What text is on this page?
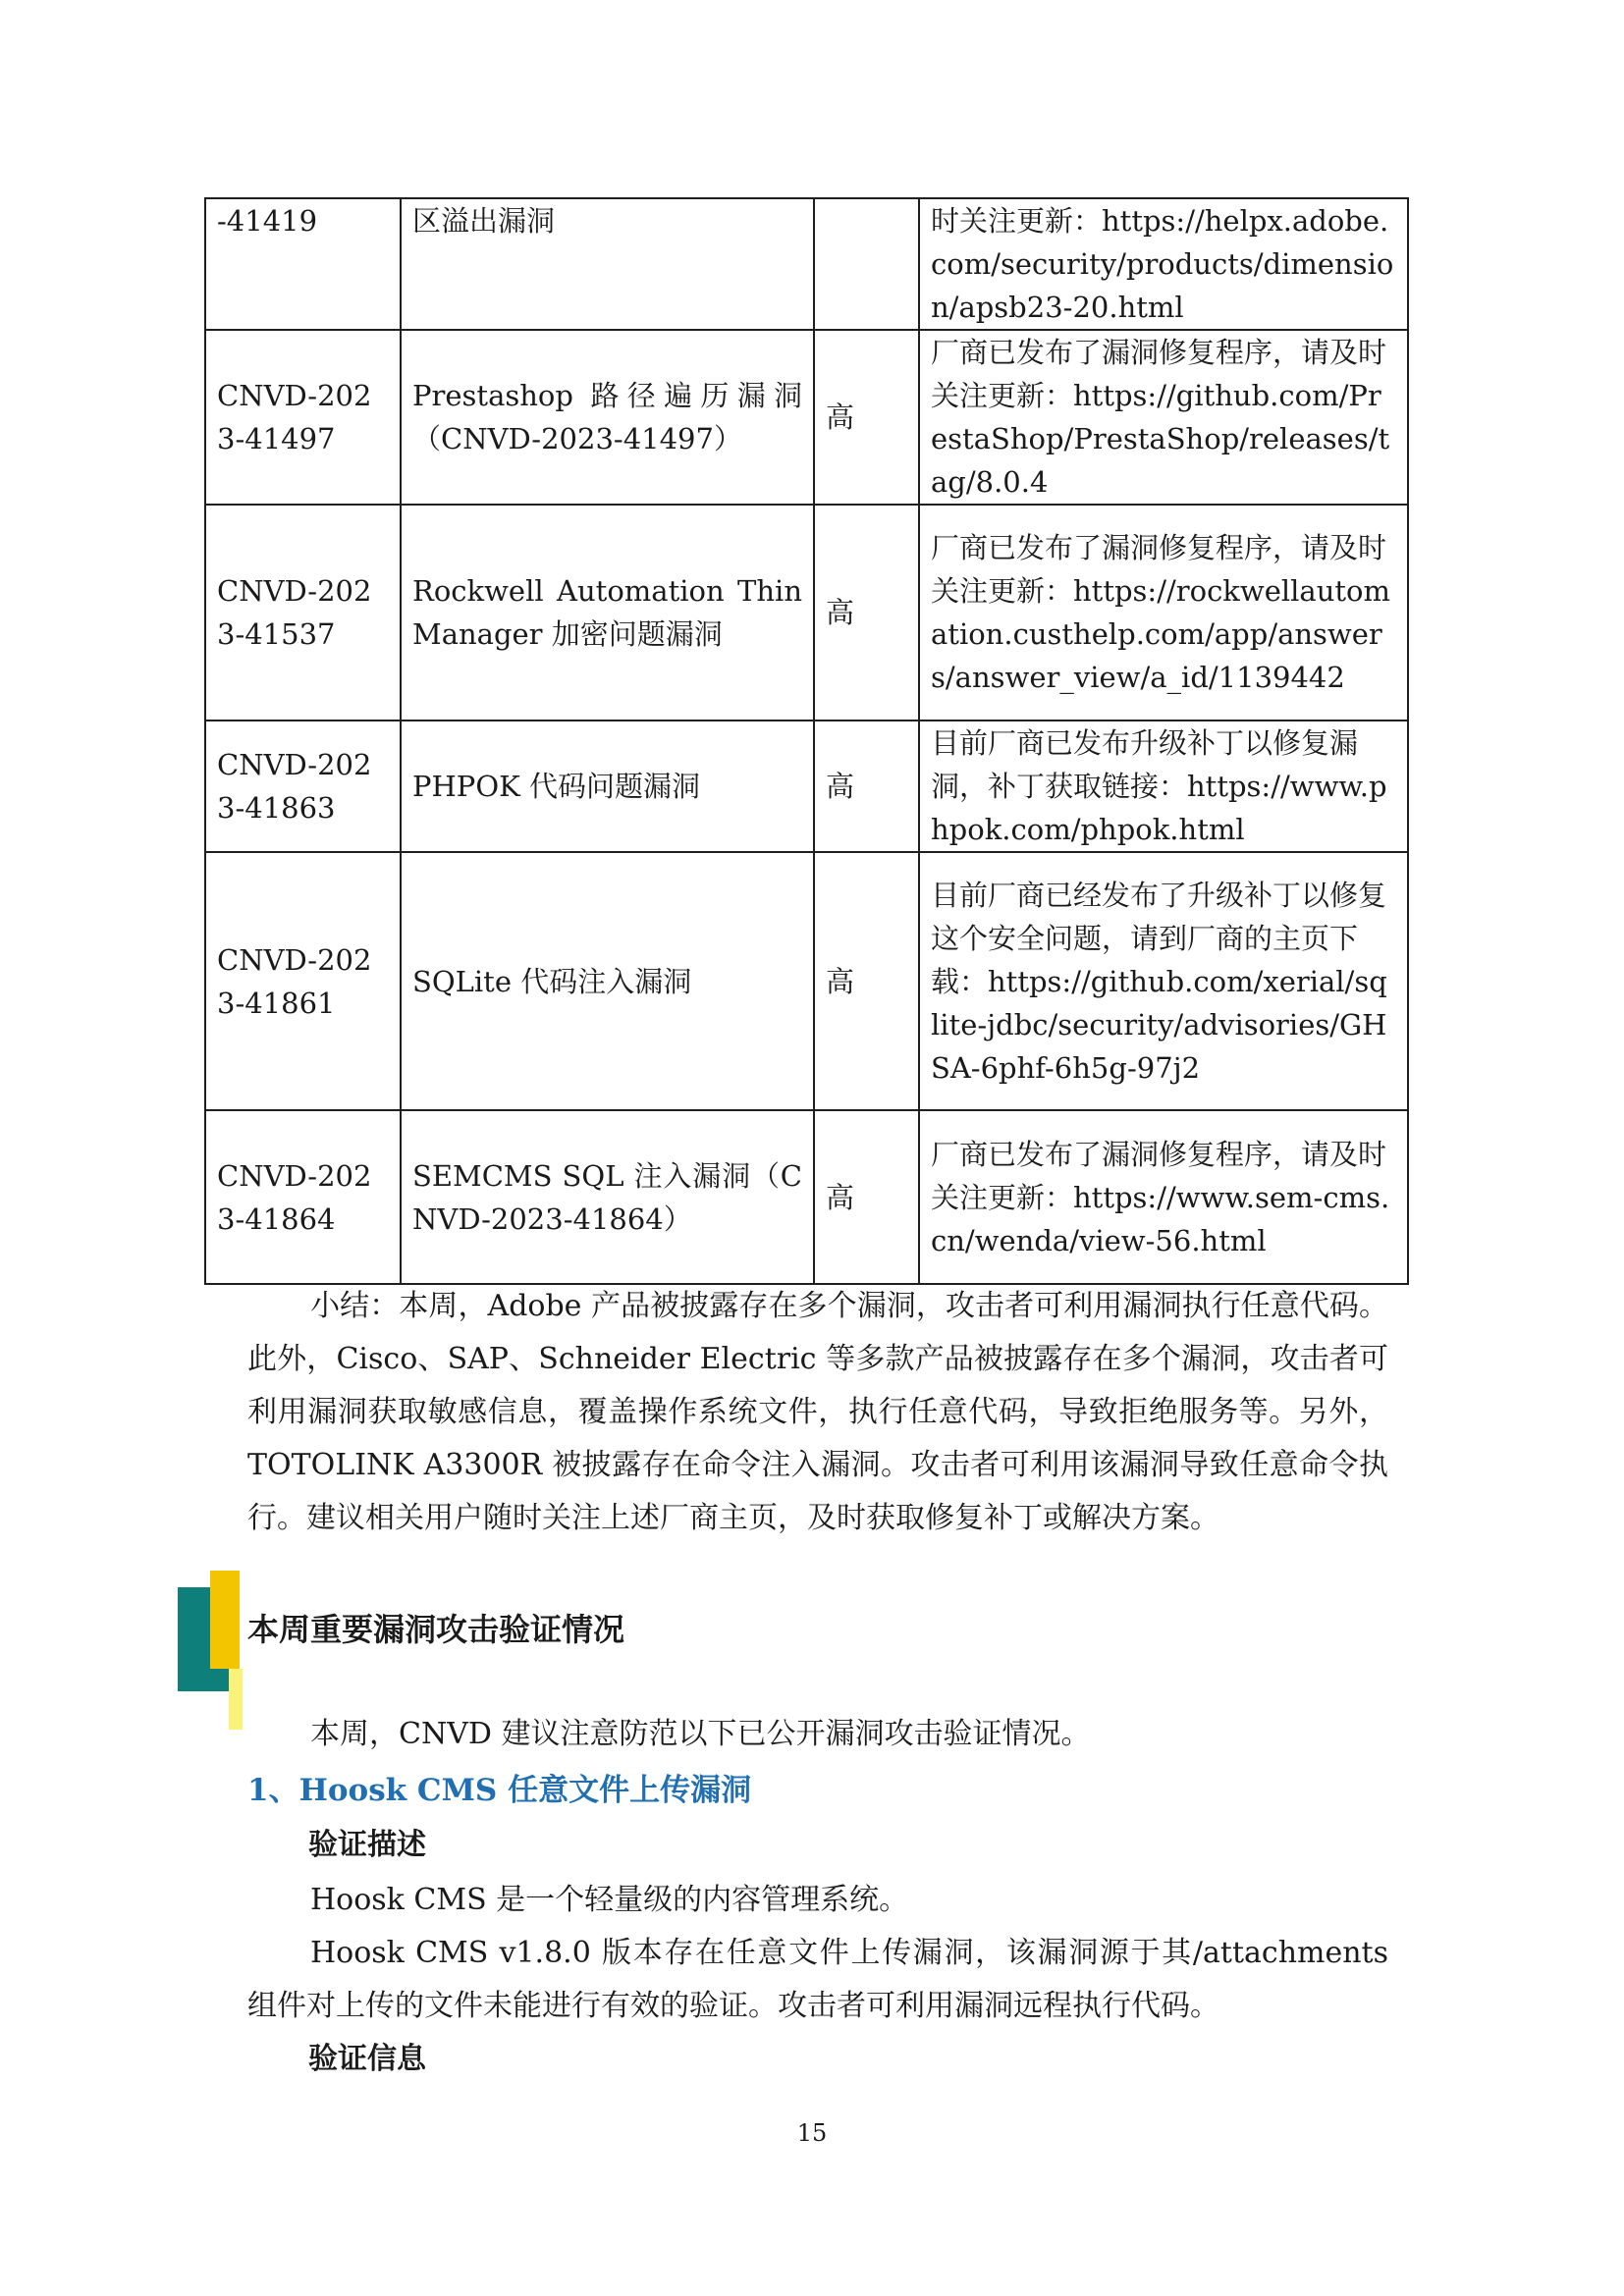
-41419	区溢出漏洞		时关注更新：https://helpx.adobe.com/security/products/dimension/apsb23-20.html
CNVD-2023-41497	Prestashop 路径遍历漏洞（CNVD-2023-41497）	高	厂商已发布了漏洞修复程序，请及时关注更新：https://github.com/PrestaShop/PrestaShop/releases/tag/8.0.4
CNVD-2023-41537	Rockwell Automation ThinManager 加密问题漏洞	高	厂商已发布了漏洞修复程序，请及时关注更新：https://rockwellautomation.custhelp.com/app/answers/answer_view/a_id/1139442
CNVD-2023-41863	PHPOK 代码问题漏洞	高	目前厂商已发布升级补丁以修复漏洞，补丁获取链接：https://www.phpok.com/phpok.html
CNVD-2023-41861	SQLite 代码注入漏洞	高	目前厂商已经发布了升级补丁以修复这个安全问题，请到厂商的主页下载：https://github.com/xerial/sqlite-jdbc/security/advisories/GHSA-6phf-6h5g-97j2
CNVD-2023-41864	SEMCMS SQL 注入漏洞（CNVD-2023-41864）	高	厂商已发布了漏洞修复程序，请及时关注更新：https://www.sem-cms.cn/wenda/view-56.html
小结：本周，Adobe 产品被披露存在多个漏洞，攻击者可利用漏洞执行任意代码。此外，Cisco、SAP、Schneider Electric 等多款产品被披露存在多个漏洞，攻击者可利用漏洞获取敏感信息，覆盖操作系统文件，执行任意代码，导致拒绝服务等。另外，TOTOLINK A3300R 被披露存在命令注入漏洞。攻击者可利用该漏洞导致任意命令执行。建议相关用户随时关注上述厂商主页，及时获取修复补丁或解决方案。
本周重要漏洞攻击验证情况
本周，CNVD 建议注意防范以下已公开漏洞攻击验证情况。
1、Hoosk CMS 任意文件上传漏洞
验证描述
Hoosk CMS 是一个轻量级的内容管理系统。
Hoosk CMS v1.8.0 版本存在任意文件上传漏洞，该漏洞源于其/attachments 组件对上传的文件未能进行有效的验证。攻击者可利用漏洞远程执行代码。
验证信息
15
